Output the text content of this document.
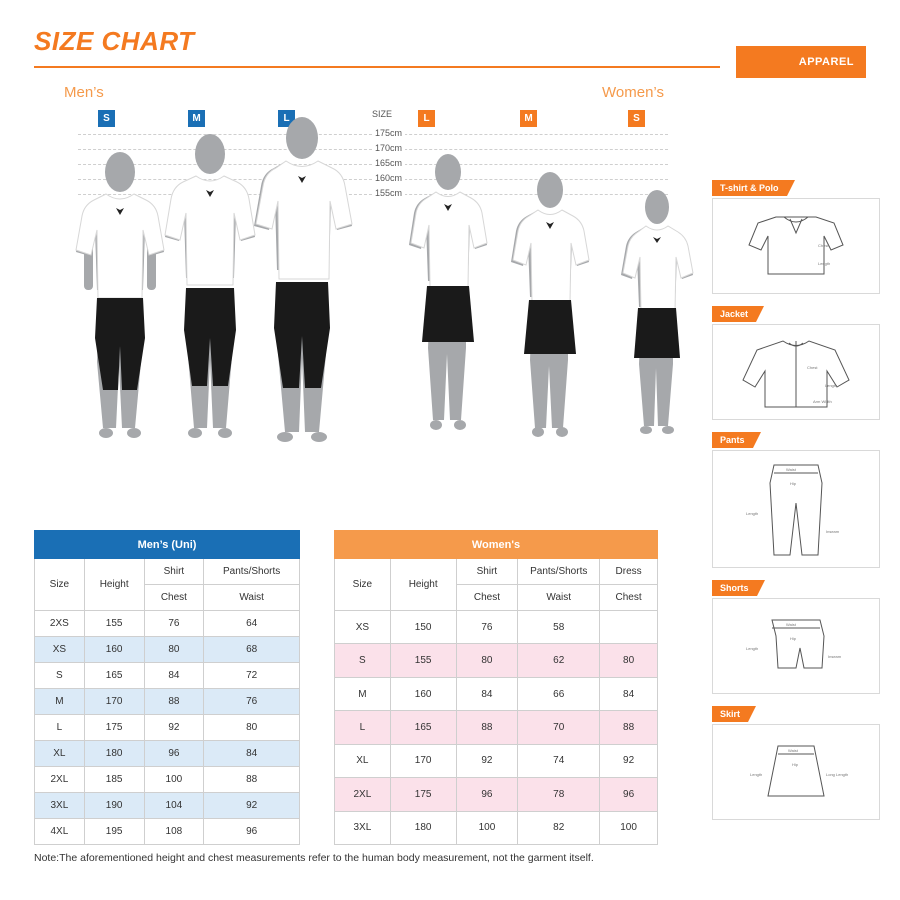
SIZE CHART
APPAREL
Men’s	Women’s
S	M	L	L	M	S
SIZE
175cm
170cm
165cm
160cm
155cm	T-shirt & Polo
Chest
Length
Jacket
Chest
Length
Arm Width
Pants
Waist
Hip
Length
Inseam
Shorts
Waist
Hip
Length
Inseam
Skirt
Waist
Hip
Length	Long Length
Men’s (Uni)			
Size	Height	Shirt	Pants/Shorts
		Chest	Waist
2XS	155	76	64
XS	160	80	68
S	165	84	72
M	170	88	76
L	175	92	80
XL	180	96	84
2XL	185	100	88
3XL	190	104	92
4XL	195	108	96
Women's				
Size	Height	Shirt	Pants/Shorts	Dress
		Chest	Waist	Chest
XS	150	76	58	
S	155	80	62	80
M	160	84	66	84
L	165	88	70	88
XL	170	92	74	92
2XL	175	96	78	96
3XL	180	100	82	100
Note:The aforementioned height and chest measurements refer to the human body measurement, not the garment itself.
